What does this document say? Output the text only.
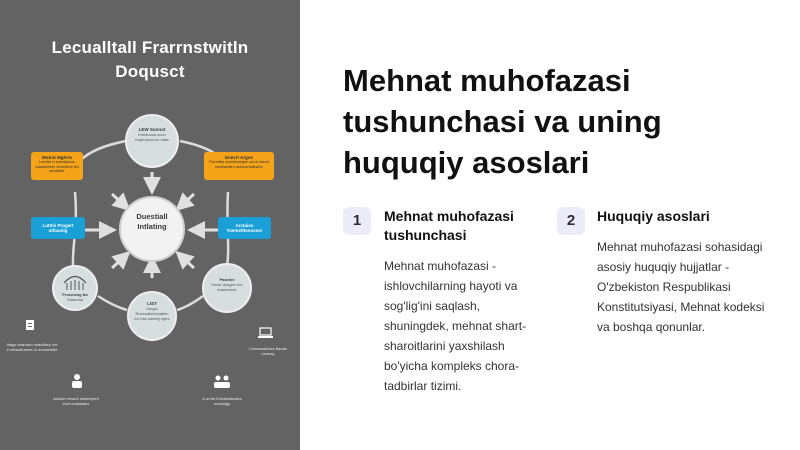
Lecualltall Frarrnstwitln
Doqusct
Duestiall
Intlating
LEW Sonnot
Kmbtusoa scon forgnoyea tzo Ialss
Procesing tto
Ktasmaa
Pasenie
Kecte dusgen tuo teaemaroe
LIST
Umgar Ronsnallerlosation tur Inla uoeelg ngirs
Motrat Mghrts
Lanrlet h eonatsinos eaasbetetn elrunitbre ttd aentaltte
Enevrt Argoe
Thmnttlu aurmleangat osi nt taerel ianelanstrs untreonatleantt
Lutttis Progert utfauniig
Arctaiso Toemetltoeusser
Ittage aramaro mlauftsey zre a ireisselosses oi ervaonstiie	Csneaaantoes ttauae psoeay
Iatolbe mearld matierpent wolt muialaaes
A rrnrld Erewttattoates wrooatgy
Mehnat muhofazasi tushunchasi va uning huquqiy asoslari
1	Mehnat muhofazasi tushunchasi
Mehnat muhofazasi - ishlovchilarning hayoti va sog'lig'ini saqlash, shuningdek, mehnat shart-sharoitlarini yaxshilash bo'yicha kompleks chora-tadbirlar tizimi.
2	Huquqiy asoslari
Mehnat muhofazasi sohasidagi asosiy huquqiy hujjatlar - O'zbekiston Respublikasi Konstitutsiyasi, Mehnat kodeksi va boshqa qonunlar.
